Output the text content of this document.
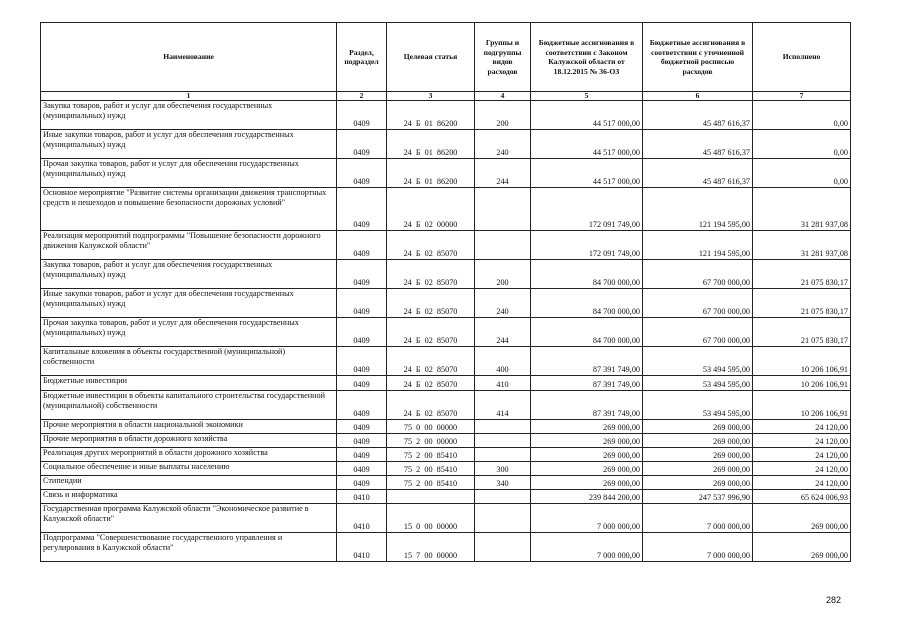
Наименование	Раздел, подраздел	Целевая статья	Группы и подгруппы видов расходов	Бюджетные ассигнования в соответствии с Законом Калужской области от 18.12.2015 № 36-ОЗ	Бюджетные ассигнования в соответствии с уточненной бюджетной росписью расходов	Исполнено
1	2	3	4	5	6	7
Закупка товаров, работ и услуг для обеспечения государственных (муниципальных) нужд	0409	24  Б  01  86200	200	44 517 000,00	45 487 616,37	0,00
Иные закупки товаров, работ и услуг для обеспечения государственных (муниципальных) нужд	0409	24  Б  01  86200	240	44 517 000,00	45 487 616,37	0,00
Прочая закупка товаров, работ и услуг для обеспечения государственных (муниципальных) нужд	0409	24  Б  01  86200	244	44 517 000,00	45 487 616,37	0,00
Основное мероприятие "Развитие системы организации движения транспортных средств и пешеходов и повышение безопасности дорожных условий"	0409	24  Б  02  00000		172 091 749,00	121 194 595,00	31 281 937,08
Реализация мероприятий подпрограммы "Повышение безопасности дорожного движения Калужской области"	0409	24  Б  02  85070		172 091 749,00	121 194 595,00	31 281 937,08
Закупка товаров, работ и услуг для обеспечения государственных (муниципальных) нужд	0409	24  Б  02  85070	200	84 700 000,00	67 700 000,00	21 075 830,17
Иные закупки товаров, работ и услуг для обеспечения государственных (муниципальных) нужд	0409	24  Б  02  85070	240	84 700 000,00	67 700 000,00	21 075 830,17
Прочая закупка товаров, работ и услуг для обеспечения государственных (муниципальных) нужд	0409	24  Б  02  85070	244	84 700 000,00	67 700 000,00	21 075 830,17
Капитальные вложения в объекты государственной (муниципальной) собственности	0409	24  Б  02  85070	400	87 391 749,00	53 494 595,00	10 206 106,91
Бюджетные инвестиции	0409	24  Б  02  85070	410	87 391 749,00	53 494 595,00	10 206 106,91
Бюджетные инвестиции в объекты капитального строительства государственной (муниципальной) собственности	0409	24  Б  02  85070	414	87 391 749,00	53 494 595,00	10 206 106,91
Прочие мероприятия в области национальной экономики	0409	75  0  00  00000		269 000,00	269 000,00	24 120,00
Прочие мероприятия в области дорожного хозяйства	0409	75  2  00  00000		269 000,00	269 000,00	24 120,00
Реализация других мероприятий в области дорожного хозяйства	0409	75  2  00  85410		269 000,00	269 000,00	24 120,00
Социальное обеспечение и иные выплаты населению	0409	75  2  00  85410	300	269 000,00	269 000,00	24 120,00
Стипендии	0409	75  2  00  85410	340	269 000,00	269 000,00	24 120,00
Связь и информатика	0410			239 844 200,00	247 537 996,90	65 624 006,93
Государственная программа Калужской области "Экономическое развитие в Калужской области"	0410	15  0  00  00000		7 000 000,00	7 000 000,00	269 000,00
Подпрограмма "Совершенствование государственного управления и регулирования в Калужской области"	0410	15  7  00  00000		7 000 000,00	7 000 000,00	269 000,00
282
